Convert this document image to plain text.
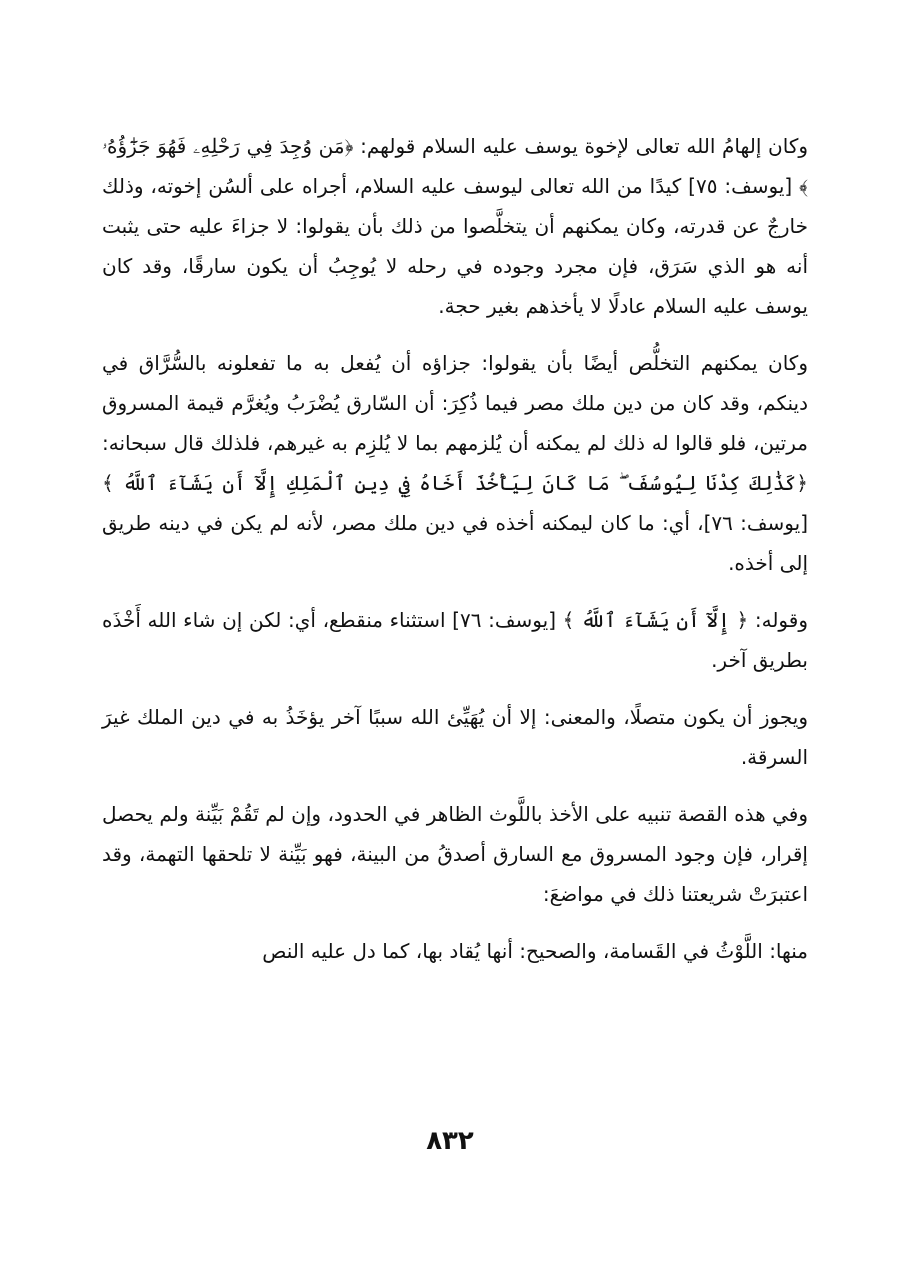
وكان إلهامُ الله تعالى لإخوة يوسف عليه السلام قولهم: ﴿مَن وُجِدَ فِي رَحْلِهِۦ فَهُوَ جَزَٰٓؤُهُۥ ﴾ [يوسف: ٧٥] كيدًا من الله تعالى ليوسف عليه السلام، أجراه على ألسُن إخوته، وذلك خارجٌ عن قدرته، وكان يمكنهم أن يتخلَّصوا من ذلك بأن يقولوا: لا جزاءَ عليه حتى يثبت أنه هو الذي سَرَق، فإن مجرد وجوده في رحله لا يُوجِبُ أن يكون سارقًا، وقد كان يوسف عليه السلام عادلًا لا يأخذهم بغير حجة.

وكان يمكنهم التخلُّص أيضًا بأن يقولوا: جزاؤه أن يُفعل به ما تفعلونه بالسُّرَّاق في دينكم، وقد كان من دين ملك مصر فيما ذُكِرَ: أن السّارق يُضْرَبُ ويُغرَّم قيمة المسروق مرتين، فلو قالوا له ذلك لم يمكنه أن يُلزمهم بما لا يُلزِم به غيرهم، فلذلك قال سبحانه: ﴿كَذَٰلِكَ كِدْنَا لِيُوسُفَ ۖ مَا كَانَ لِيَأْخُذَ أَخَاهُ فِي دِينِ ٱلْمَلِكِ إِلَّآ أَن يَشَآءَ ٱللَّهُ ﴾ [يوسف: ٧٦]، أي: ما كان ليمكنه أخذه في دين ملك مصر، لأنه لم يكن في دينه طريق إلى أخذه.

وقوله: ﴿ إِلَّآ أَن يَشَآءَ ٱللَّهُ ﴾ [يوسف: ٧٦] استثناء منقطع، أي: لكن إن شاء الله أَخْذَه بطريق آخر.

ويجوز أن يكون متصلًا، والمعنى: إلا أن يُهَيِّئ الله سببًا آخر يؤخَذُ به في دين الملك غيرَ السرقة.

وفي هذه القصة تنبيه على الأخذ باللَّوث الظاهر في الحدود، وإن لم تَقُمْ بَيِّنة ولم يحصل إقرار، فإن وجود المسروق مع السارق أصدقُ من البينة، فهو بَيِّنة لا تلحقها التهمة، وقد اعتبرَتْ شريعتنا ذلك في مواضعَ:

منها: اللَّوْثُ في القَسامة، والصحيح: أنها يُقاد بها، كما دل عليه النص

٨٣٢
